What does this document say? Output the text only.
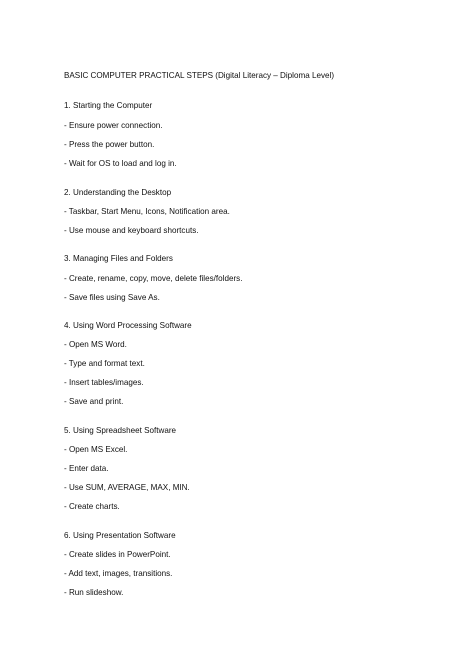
BASIC COMPUTER PRACTICAL STEPS (Digital Literacy – Diploma Level)
1. Starting the Computer
- Ensure power connection.
- Press the power button.
- Wait for OS to load and log in.
2. Understanding the Desktop
- Taskbar, Start Menu, Icons, Notification area.
- Use mouse and keyboard shortcuts.
3. Managing Files and Folders
- Create, rename, copy, move, delete files/folders.
- Save files using Save As.
4. Using Word Processing Software
- Open MS Word.
- Type and format text.
- Insert tables/images.
- Save and print.
5. Using Spreadsheet Software
- Open MS Excel.
- Enter data.
- Use SUM, AVERAGE, MAX, MIN.
- Create charts.
6. Using Presentation Software
- Create slides in PowerPoint.
- Add text, images, transitions.
- Run slideshow.
